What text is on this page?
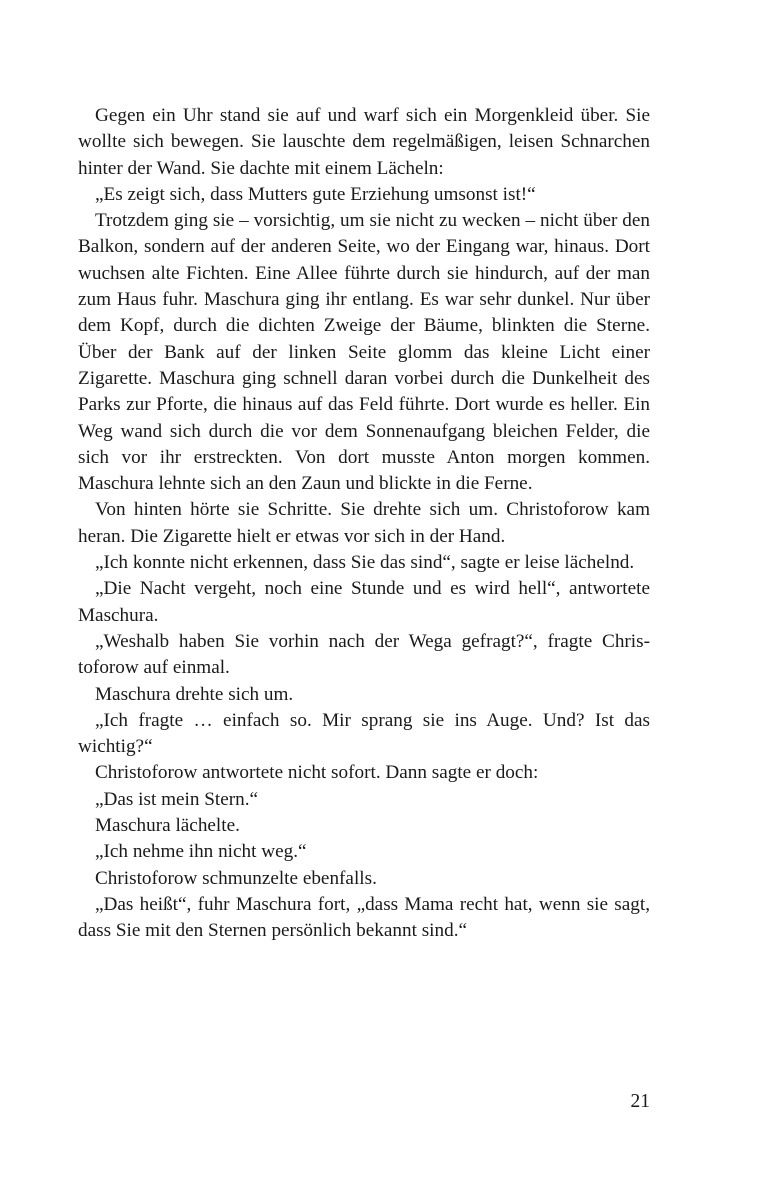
Gegen ein Uhr stand sie auf und warf sich ein Morgenkleid über. Sie wollte sich bewegen. Sie lauschte dem regelmäßigen, leisen Schnarchen hinter der Wand. Sie dachte mit einem Lächeln:

„Es zeigt sich, dass Mutters gute Erziehung umsonst ist!“

Trotzdem ging sie – vorsichtig, um sie nicht zu wecken – nicht über den Balkon, sondern auf der anderen Seite, wo der Eingang war, hinaus. Dort wuchsen alte Fichten. Eine Allee führte durch sie hindurch, auf der man zum Haus fuhr. Maschura ging ihr entlang. Es war sehr dunkel. Nur über dem Kopf, durch die dichten Zweige der Bäume, blinkten die Sterne. Über der Bank auf der linken Seite glomm das kleine Licht einer Zigarette. Maschura ging schnell daran vorbei durch die Dunkelheit des Parks zur Pforte, die hinaus auf das Feld führte. Dort wurde es heller. Ein Weg wand sich durch die vor dem Sonnenaufgang bleichen Felder, die sich vor ihr erstreckten. Von dort musste Anton morgen kommen. Maschura lehnte sich an den Zaun und blickte in die Ferne.

Von hinten hörte sie Schritte. Sie drehte sich um. Christoforow kam heran. Die Zigarette hielt er etwas vor sich in der Hand.

„Ich konnte nicht erkennen, dass Sie das sind“, sagte er leise lächelnd.

„Die Nacht vergeht, noch eine Stunde und es wird hell“, antwortete Maschura.

„Weshalb haben Sie vorhin nach der Wega gefragt?“, fragte Christoforow auf einmal.

Maschura drehte sich um.

„Ich fragte … einfach so. Mir sprang sie ins Auge. Und? Ist das wichtig?“

Christoforow antwortete nicht sofort. Dann sagte er doch:

„Das ist mein Stern.“

Maschura lächelte.

„Ich nehme ihn nicht weg.“

Christoforow schmunzelte ebenfalls.

„Das heißt“, fuhr Maschura fort, „dass Mama recht hat, wenn sie sagt, dass Sie mit den Sternen persönlich bekannt sind.“

21
